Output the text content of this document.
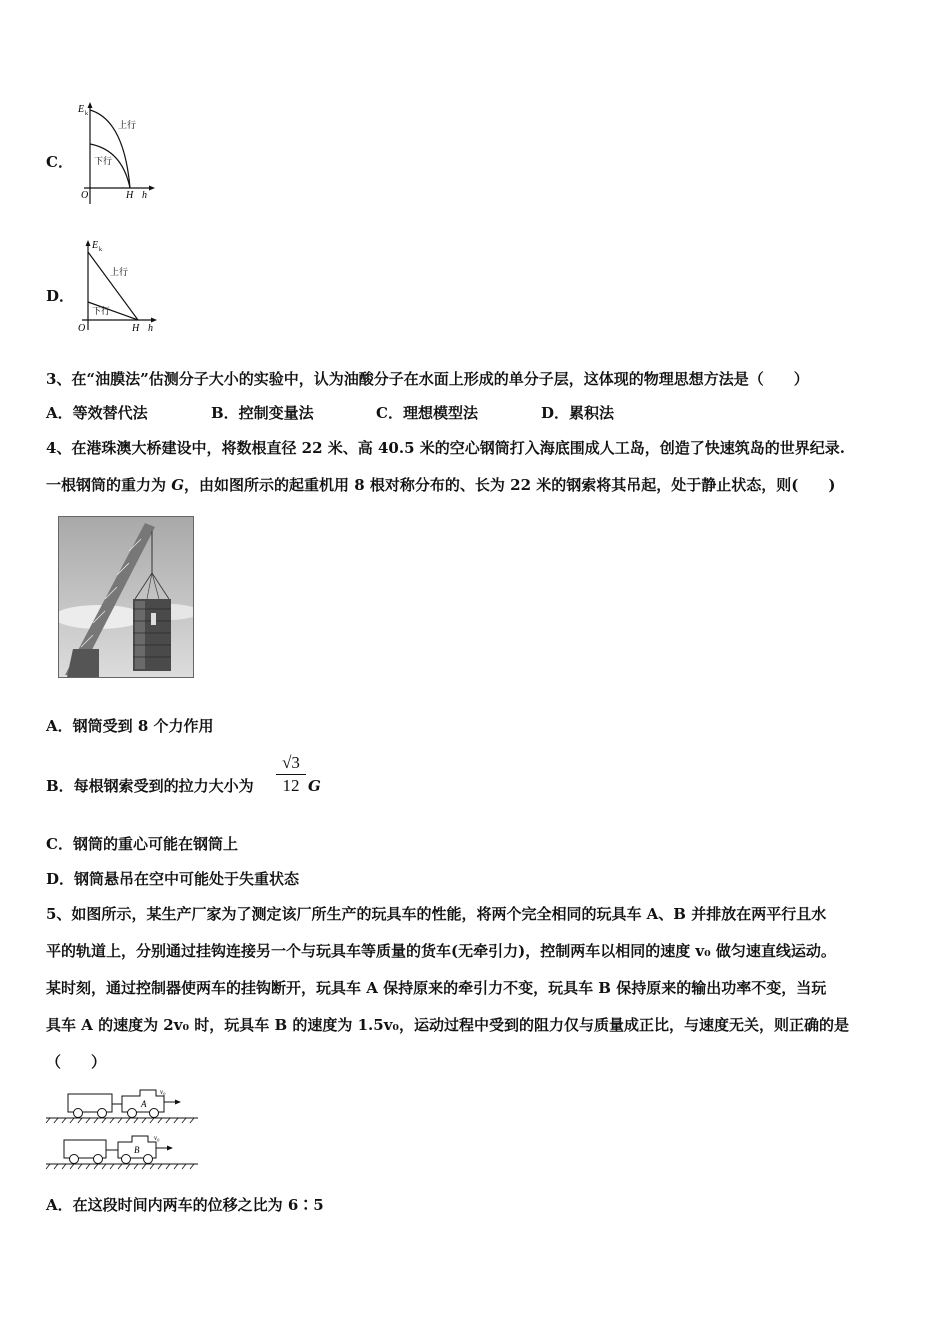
C．
E k
上行
下行
O	H h
D．
E k
上行
下行
O	H h
3、在“油膜法”估测分子大小的实验中，认为油酸分子在水面上形成的单分子层，这体现的物理思想方法是（　　）
A．等效替代法	B．控制变量法	C．理想模型法	D．累积法
4、在港珠澳大桥建设中，将数根直径 22 米、高 40.5 米的空心钢筒打入海底围成人工岛，创造了快速筑岛的世界纪录.
一根钢筒的重力为 G，由如图所示的起重机用 8 根对称分布的、长为 22 米的钢索将其吊起，处于静止状态，则(　　)
A．钢筒受到 8 个力作用
B．每根钢索受到的拉力大小为
√3
12 G
C．钢筒的重心可能在钢筒上
D．钢筒悬吊在空中可能处于失重状态
5、如图所示，某生产厂家为了测定该厂所生产的玩具车的性能，将两个完全相同的玩具车 A、B 并排放在两平行且水
平的轨道上，分别通过挂钩连接另一个与玩具车等质量的货车(无牵引力)，控制两车以相同的速度 v₀ 做匀速直线运动。
某时刻，通过控制器使两车的挂钩断开，玩具车 A 保持原来的牵引力不变，玩具车 B 保持原来的输出功率不变，当玩
具车 A 的速度为 2v₀ 时，玩具车 B 的速度为 1.5v₀，运动过程中受到的阻力仅与质量成正比，与速度无关，则正确的是
（　　）
A
v₀
B
v₀
A．在这段时间内两车的位移之比为 6∶5
